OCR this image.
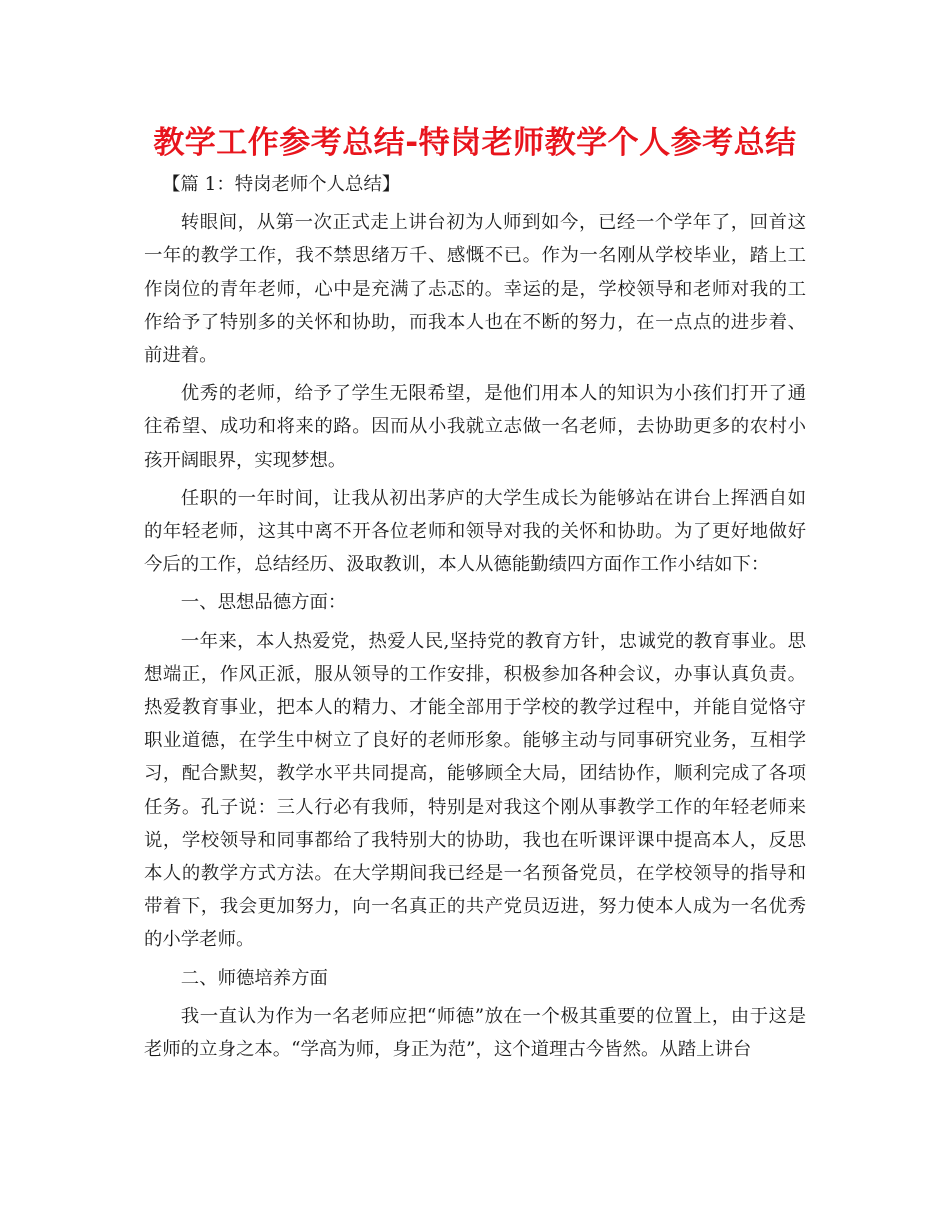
教学工作参考总结-特岗老师教学个人参考总结

【篇 1：特岗老师个人总结】

转眼间，从第一次正式走上讲台初为人师到如今，已经一个学年了，回首这一年的教学工作，我不禁思绪万千、感慨不已。作为一名刚从学校毕业，踏上工作岗位的青年老师，心中是充满了忐忑的。幸运的是，学校领导和老师对我的工作给予了特别多的关怀和协助，而我本人也在不断的努力，在一点点的进步着、前进着。

优秀的老师，给予了学生无限希望，是他们用本人的知识为小孩们打开了通往希望、成功和将来的路。因而从小我就立志做一名老师，去协助更多的农村小孩开阔眼界，实现梦想。

任职的一年时间，让我从初出茅庐的大学生成长为能够站在讲台上挥洒自如的年轻老师，这其中离不开各位老师和领导对我的关怀和协助。为了更好地做好今后的工作，总结经历、汲取教训，本人从德能勤绩四方面作工作小结如下：

一、思想品德方面：

一年来，本人热爱党，热爱人民,坚持党的教育方针，忠诚党的教育事业。思想端正，作风正派，服从领导的工作安排，积极参加各种会议，办事认真负责。热爱教育事业，把本人的精力、才能全部用于学校的教学过程中，并能自觉恪守职业道德，在学生中树立了良好的老师形象。能够主动与同事研究业务，互相学习，配合默契，教学水平共同提高，能够顾全大局，团结协作，顺利完成了各项任务。孔子说：三人行必有我师，特别是对我这个刚从事教学工作的年轻老师来说，学校领导和同事都给了我特别大的协助，我也在听课评课中提高本人，反思本人的教学方式方法。在大学期间我已经是一名预备党员，在学校领导的指导和带着下，我会更加努力，向一名真正的共产党员迈进，努力使本人成为一名优秀的小学老师。

二、师德培养方面

我一直认为作为一名老师应把“师德”放在一个极其重要的位置上，由于这是老师的立身之本。“学高为师，身正为范”，这个道理古今皆然。从踏上讲台
